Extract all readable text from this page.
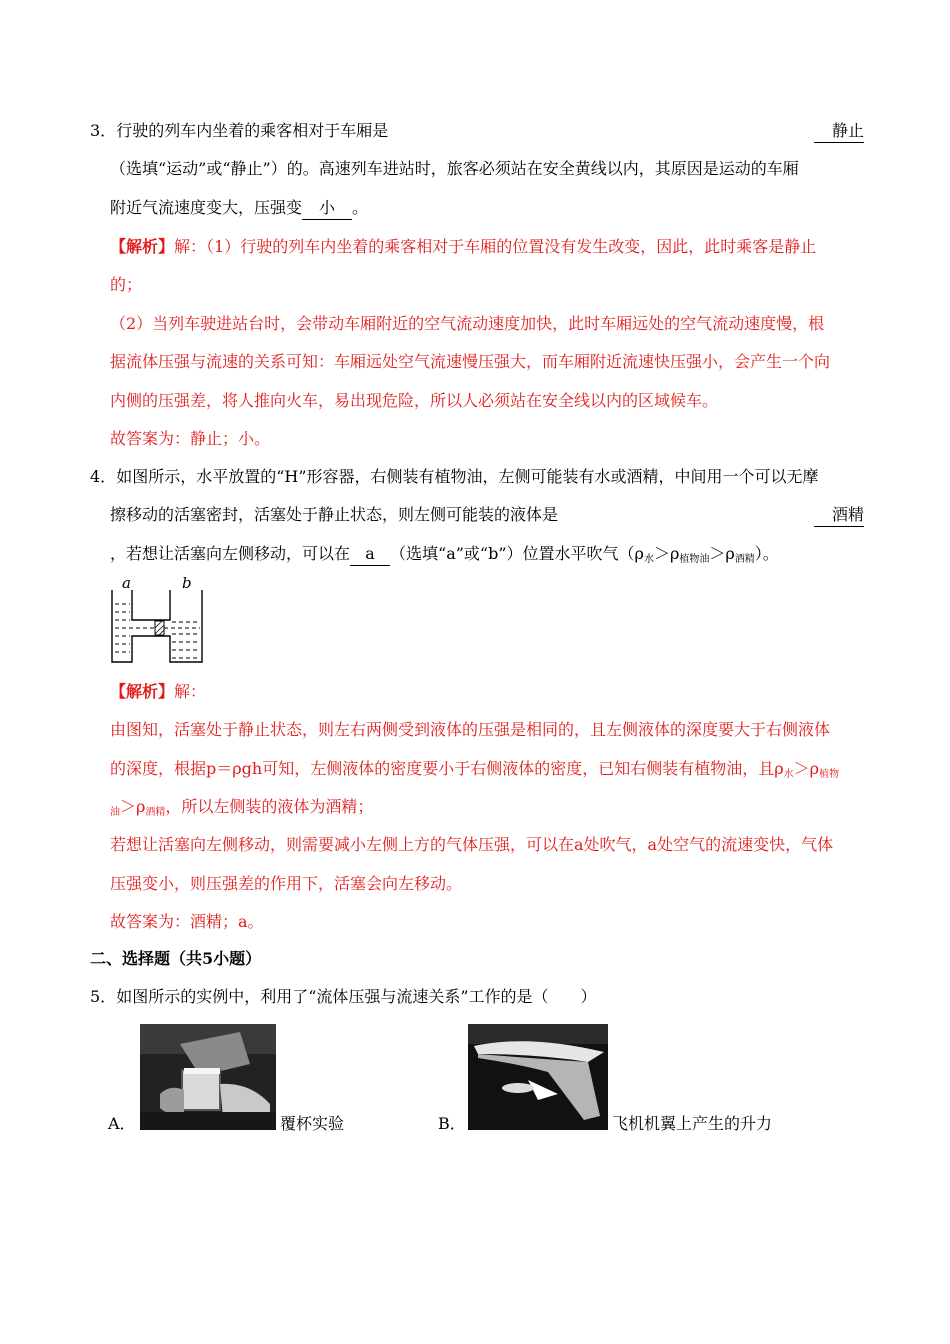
3．行驶的列车内坐着的乘客相对于车厢是	静止
（选填“运动”或“静止”）的。高速列车进站时，旅客必须站在安全黄线以内，其原因是运动的车厢
附近气流速度变大，压强变 小 。
【解析】解：（1）行驶的列车内坐着的乘客相对于车厢的位置没有发生改变，因此，此时乘客是静止
的；
（2）当列车驶进站台时，会带动车厢附近的空气流动速度加快，此时车厢远处的空气流动速度慢，根
据流体压强与流速的关系可知：车厢远处空气流速慢压强大，而车厢附近流速快压强小，会产生一个向
内侧的压强差，将人推向火车，易出现危险，所以人必须站在安全线以内的区域候车。
故答案为：静止；小。
4．如图所示，水平放置的“H”形容器，右侧装有植物油，左侧可能装有水或酒精，中间用一个可以无摩
擦移动的活塞密封，活塞处于静止状态，则左侧可能装的液体是	酒精
，若想让活塞向左侧移动，可以在 a （选填“a”或“b”）位置水平吹气$(\rho_水>\rho_{植物油}>\rho_{酒精})$。
a	b
【解析】解：
由图知，活塞处于静止状态，则左右两侧受到液体的压强是相同的，且左侧液体的深度要大于右侧液体
的深度，根据p＝ρgh可知，左侧液体的密度要小于右侧液体的密度，已知右侧装有植物油，且$\rho_水>\rho_{植物}$
$_油>\rho_{酒精}$，所以左侧装的液体为酒精；
若想让活塞向左侧移动，则需要减小左侧上方的气体压强，可以在a处吹气，a处空气的流速变快，气体
压强变小，则压强差的作用下，活塞会向左移动。
故答案为：酒精；a。
二、选择题（共5小题）
5．如图所示的实例中，利用了“流体压强与流速关系”工作的是（　　）
A．	覆杯实验	B．	飞机机翼上产生的升力
